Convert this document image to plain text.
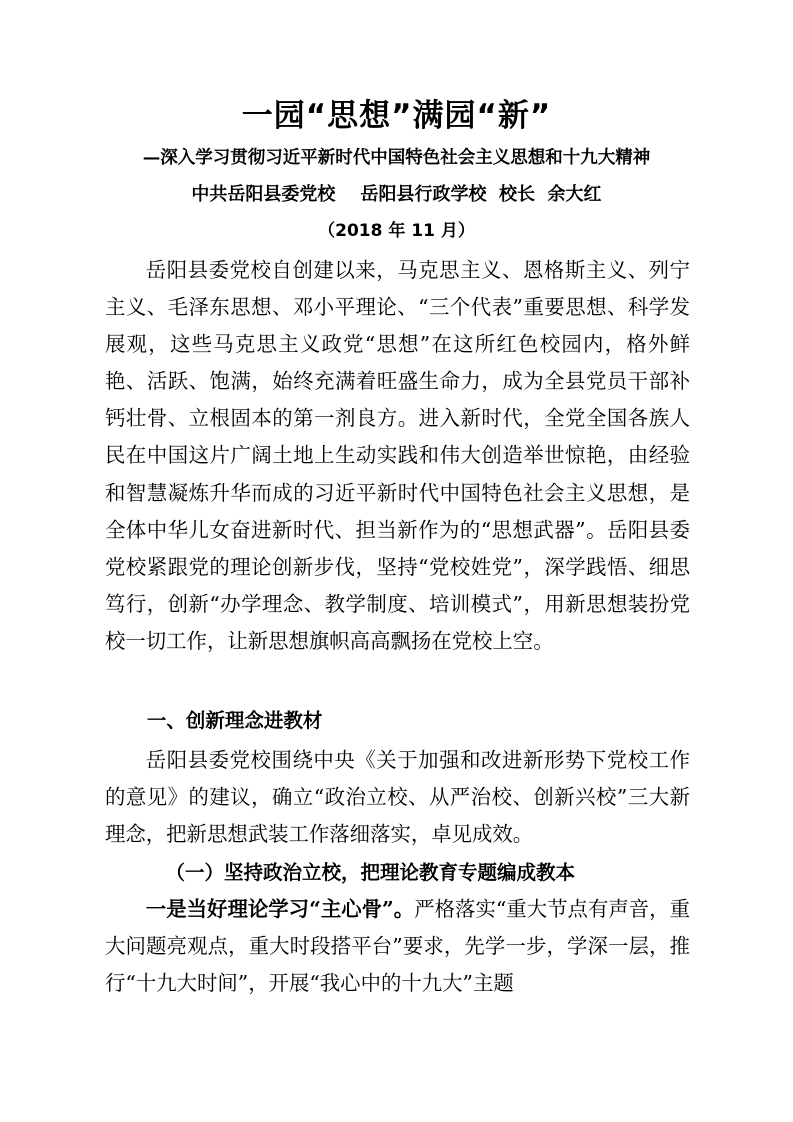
一园“思想”满园“新”
—深入学习贯彻习近平新时代中国特色社会主义思想和十九大精神
中共岳阳县委党校    岳阳县行政学校  校长  余大红
（2018 年 11 月）

岳阳县委党校自创建以来，马克思主义、恩格斯主义、列宁主义、毛泽东思想、邓小平理论、“三个代表”重要思想、科学发展观，这些马克思主义政党“思想”在这所红色校园内，格外鲜艳、活跃、饱满，始终充满着旺盛生命力，成为全县党员干部补钙壮骨、立根固本的第一剂良方。进入新时代，全党全国各族人民在中国这片广阔土地上生动实践和伟大创造举世惊艳，由经验和智慧凝炼升华而成的习近平新时代中国特色社会主义思想，是全体中华儿女奋进新时代、担当新作为的“思想武器”。岳阳县委党校紧跟党的理论创新步伐，坚持“党校姓党”，深学践悟、细思笃行，创新“办学理念、教学制度、培训模式”，用新思想装扮党校一切工作，让新思想旗帜高高飘扬在党校上空。

一、创新理念进教材

岳阳县委党校围绕中央《关于加强和改进新形势下党校工作的意见》的建议，确立“政治立校、从严治校、创新兴校”三大新理念，把新思想武装工作落细落实，卓见成效。

（一）坚持政治立校，把理论教育专题编成教本

一是当好理论学习“主心骨”。严格落实“重大节点有声音，重大问题亮观点，重大时段搭平台”要求，先学一步，学深一层，推行“十九大时间”，开展“我心中的十九大”主题
